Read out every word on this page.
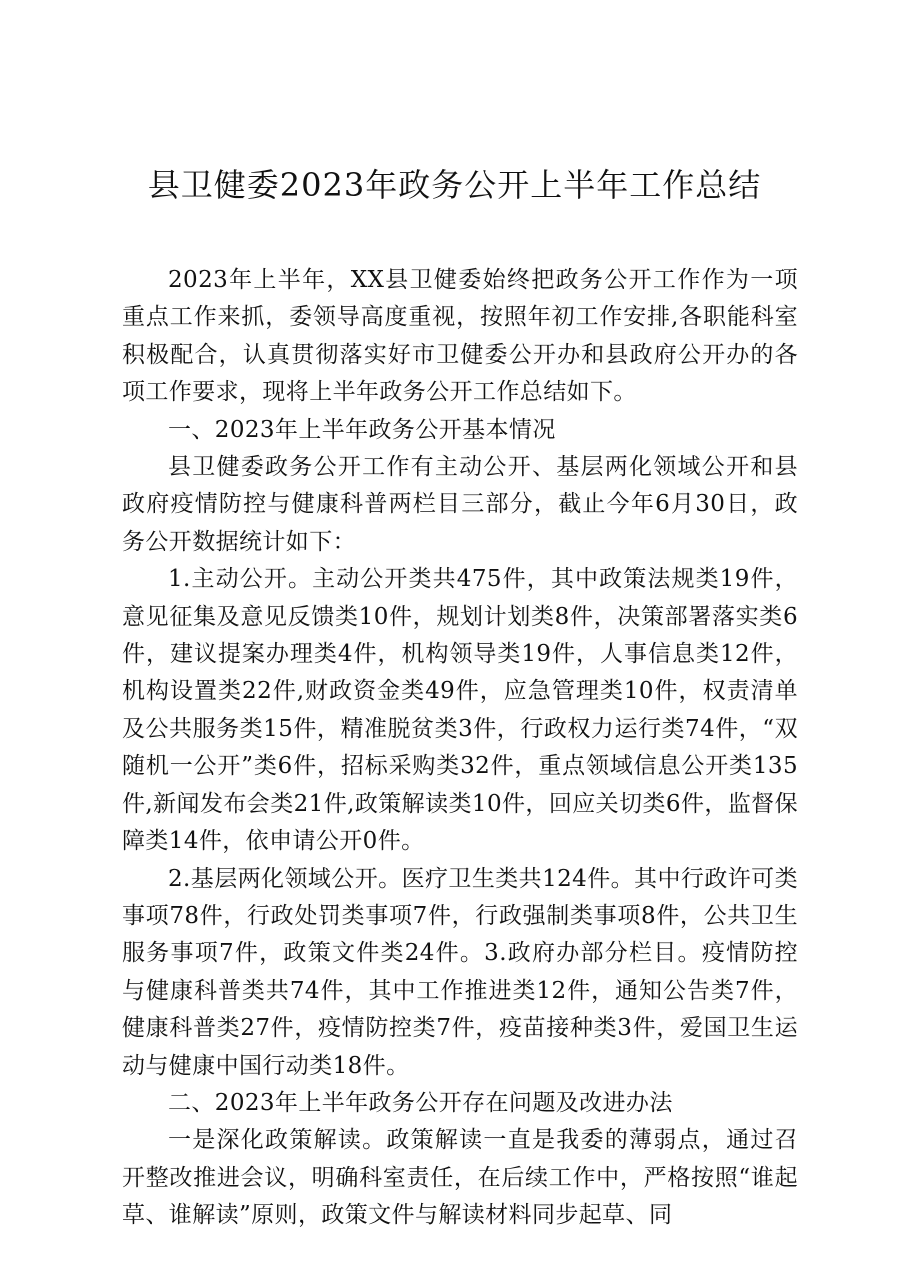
县卫健委2023年政务公开上半年工作总结

2023年上半年，XX县卫健委始终把政务公开工作作为一项重点工作来抓，委领导高度重视，按照年初工作安排,各职能科室积极配合，认真贯彻落实好市卫健委公开办和县政府公开办的各项工作要求，现将上半年政务公开工作总结如下。

一、2023年上半年政务公开基本情况

县卫健委政务公开工作有主动公开、基层两化领域公开和县政府疫情防控与健康科普两栏目三部分，截止今年6月30日，政务公开数据统计如下：

1.主动公开。主动公开类共475件，其中政策法规类19件，意见征集及意见反馈类10件，规划计划类8件，决策部署落实类6件，建议提案办理类4件，机构领导类19件，人事信息类12件，机构设置类22件,财政资金类49件，应急管理类10件，权责清单及公共服务类15件，精准脱贫类3件，行政权力运行类74件，“双随机一公开”类6件，招标采购类32件，重点领域信息公开类135件,新闻发布会类21件,政策解读类10件，回应关切类6件，监督保障类14件，依申请公开0件。

2.基层两化领域公开。医疗卫生类共124件。其中行政许可类事项78件，行政处罚类事项7件，行政强制类事项8件，公共卫生服务事项7件，政策文件类24件。3.政府办部分栏目。疫情防控与健康科普类共74件，其中工作推进类12件，通知公告类7件，健康科普类27件，疫情防控类7件，疫苗接种类3件，爱国卫生运动与健康中国行动类18件。

二、2023年上半年政务公开存在问题及改进办法

一是深化政策解读。政策解读一直是我委的薄弱点，通过召开整改推进会议，明确科室责任，在后续工作中，严格按照“谁起草、谁解读”原则，政策文件与解读材料同步起草、同
